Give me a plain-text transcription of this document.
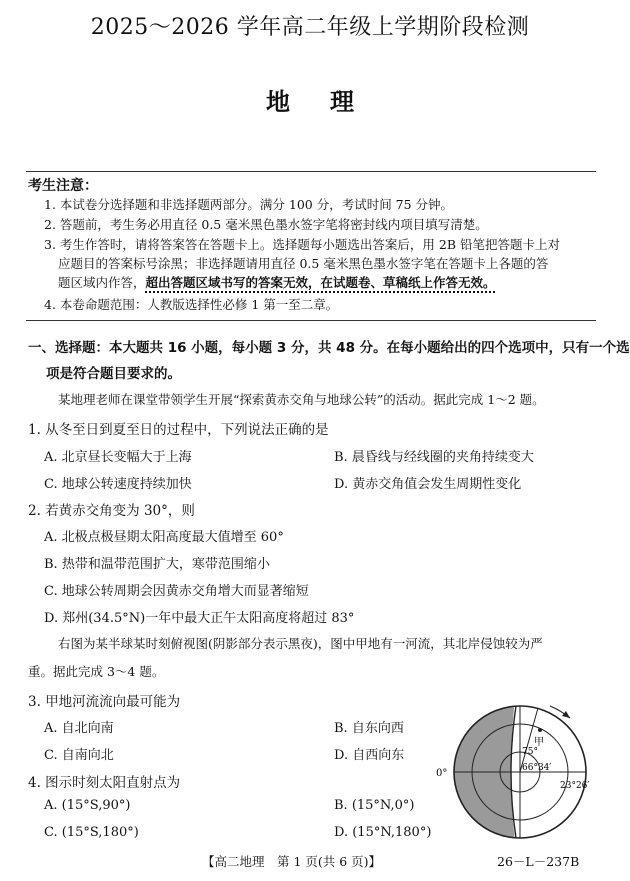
2025～2026 学年高二年级上学期阶段检测
地理
考生注意：
1. 本试卷分选择题和非选择题两部分。满分 100 分，考试时间 75 分钟。
2. 答题前，考生务必用直径 0.5 毫米黑色墨水签字笔将密封线内项目填写清楚。
3. 考生作答时，请将答案答在答题卡上。选择题每小题选出答案后，用 2B 铅笔把答题卡上对
应题目的答案标号涂黑；非选择题请用直径 0.5 毫米黑色墨水签字笔在答题卡上各题的答
题区域内作答，超出答题区域书写的答案无效，在试题卷、草稿纸上作答无效。
4. 本卷命题范围：人教版选择性必修 1 第一至二章。
一、选择题：本大题共 16 小题，每小题 3 分，共 48 分。在每小题给出的四个选项中，只有一个选
项是符合题目要求的。
某地理老师在课堂带领学生开展“探索黄赤交角与地球公转”的活动。据此完成 1～2 题。
1. 从冬至日到夏至日的过程中，下列说法正确的是
A. 北京昼长变幅大于上海	B. 晨昏线与经线圈的夹角持续变大
C. 地球公转速度持续加快	D. 黄赤交角值会发生周期性变化
2. 若黄赤交角变为 30°，则
A. 北极点极昼期太阳高度最大值增至 60°
B. 热带和温带范围扩大，寒带范围缩小
C. 地球公转周期会因黄赤交角增大而显著缩短
D. 郑州(34.5°N)一年中最大正午太阳高度将超过 83°
右图为某半球某时刻俯视图(阴影部分表示黑夜)，图中甲地有一河流，其北岸侵蚀较为严
重。据此完成 3～4 题。
3. 甲地河流流向最可能为
A. 自北向南	B. 自东向西
C. 自南向北	D. 自西向东
4. 图示时刻太阳直射点为
A. (15°S,90°)	B. (15°N,0°)
C. (15°S,180°)	D. (15°N,180°)
甲
0°
75°
66°34′
23°26′
【高二地理　第 1 页(共 6 页)】	26－L－237B
